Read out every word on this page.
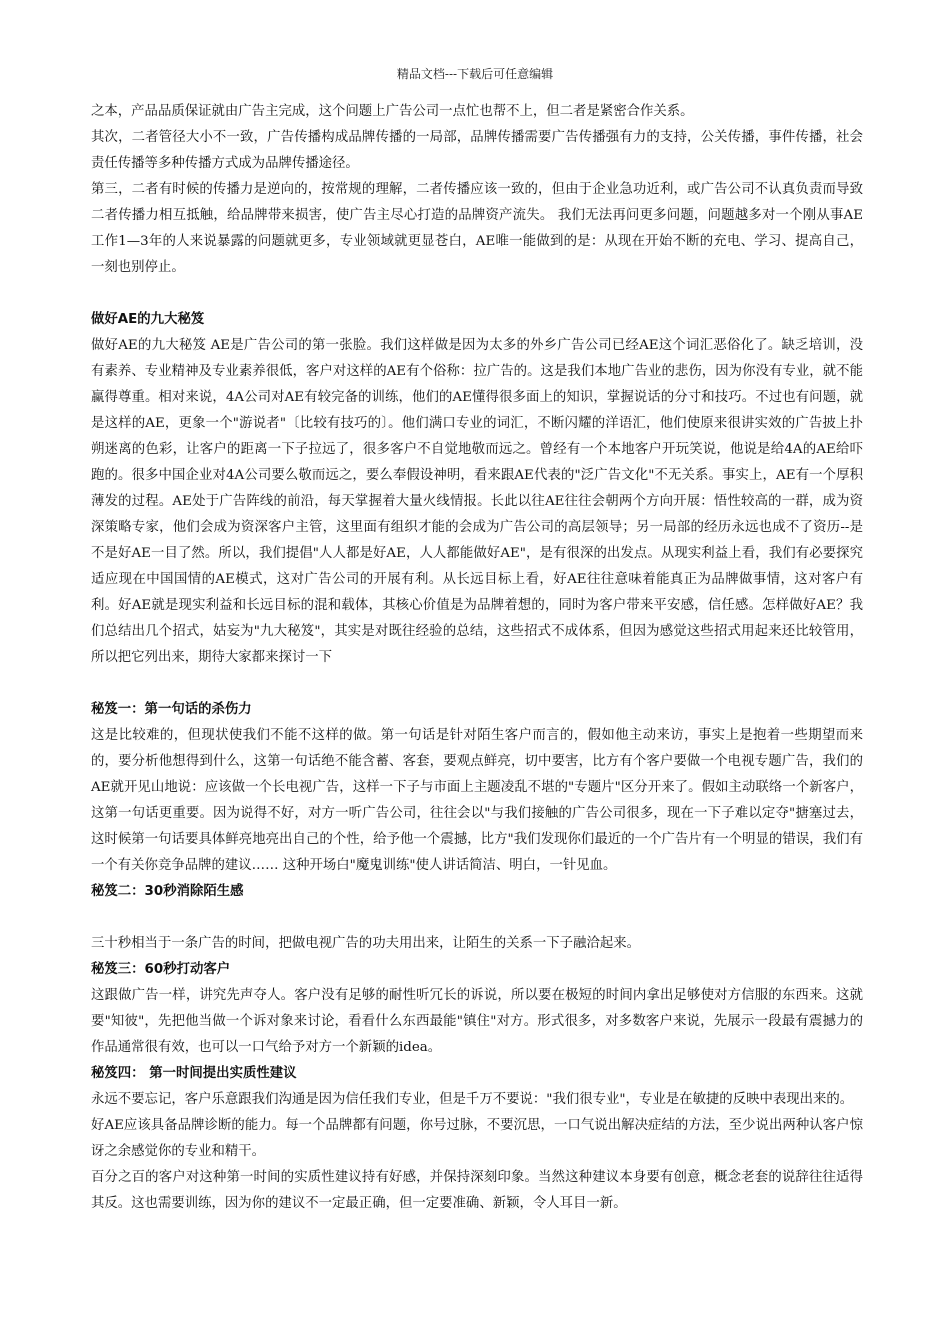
精品文档---下载后可任意编辑

之本，产品品质保证就由广告主完成，这个问题上广告公司一点忙也帮不上，但二者是紧密合作关系。

其次，二者管径大小不一致，广告传播构成品牌传播的一局部，品牌传播需要广告传播强有力的支持，公关传播，事件传播，社会责任传播等多种传播方式成为品牌传播途径。

第三，二者有时候的传播力是逆向的，按常规的理解，二者传播应该一致的，但由于企业急功近利，或广告公司不认真负责而导致二者传播力相互抵触，给品牌带来损害，使广告主尽心打造的品牌资产流失。 我们无法再问更多问题，问题越多对一个刚从事AE工作1—3年的人来说暴露的问题就更多，专业领域就更显苍白，AE唯一能做到的是：从现在开始不断的充电、学习、提高自己，一刻也别停止。

做好AE的九大秘笈

做好AE的九大秘笈 AE是广告公司的第一张脸。我们这样做是因为太多的外乡广告公司已经AE这个词汇恶俗化了。缺乏培训，没有素养、专业精神及专业素养很低，客户对这样的AE有个俗称：拉广告的。这是我们本地广告业的悲伤，因为你没有专业，就不能赢得尊重。相对来说，4A公司对AE有较完备的训练，他们的AE懂得很多面上的知识，掌握说话的分寸和技巧。不过也有问题，就是这样的AE，更象一个"游说者"〔比较有技巧的〕。他们满口专业的词汇，不断闪耀的洋语汇，他们使原来很讲实效的广告披上扑朔迷离的色彩，让客户的距离一下子拉远了，很多客户不自觉地敬而远之。曾经有一个本地客户开玩笑说，他说是给4A的AE给吓跑的。很多中国企业对4A公司要么敬而远之，要么奉假设神明，看来跟AE代表的"泛广告文化"不无关系。事实上，AE有一个厚积薄发的过程。AE处于广告阵线的前沿，每天掌握着大量火线情报。长此以往AE往往会朝两个方向开展：悟性较高的一群，成为资深策略专家，他们会成为资深客户主管，这里面有组织才能的会成为广告公司的高层领导；另一局部的经历永远也成不了资历--是不是好AE一目了然。所以，我们提倡"人人都是好AE，人人都能做好AE"，是有很深的出发点。从现实利益上看，我们有必要探究适应现在中国国情的AE模式，这对广告公司的开展有利。从长远目标上看，好AE往往意味着能真正为品牌做事情，这对客户有利。好AE就是现实利益和长远目标的混和载体，其核心价值是为品牌着想的，同时为客户带来平安感，信任感。怎样做好AE？我们总结出几个招式，姑妄为"九大秘笈"，其实是对既往经验的总结，这些招式不成体系，但因为感觉这些招式用起来还比较管用，所以把它列出来，期待大家都来探讨一下

秘笈一：第一句话的杀伤力

这是比较难的，但现状使我们不能不这样的做。第一句话是针对陌生客户而言的，假如他主动来访，事实上是抱着一些期望而来的，要分析他想得到什么，这第一句话绝不能含蓄、客套，要观点鲜亮，切中要害，比方有个客户要做一个电视专题广告，我们的AE就开见山地说：应该做一个长电视广告，这样一下子与市面上主题凌乱不堪的"专题片"区分开来了。假如主动联络一个新客户，这第一句话更重要。因为说得不好，对方一听广告公司，往往会以"与我们接触的广告公司很多，现在一下子难以定夺"搪塞过去，这时候第一句话要具体鲜亮地亮出自己的个性，给予他一个震撼，比方"我们发现你们最近的一个广告片有一个明显的错误，我们有一个有关你竞争品牌的建议…… 这种开场白"魔鬼训练"使人讲话简洁、明白，一针见血。

秘笈二：30秒消除陌生感

三十秒相当于一条广告的时间，把做电视广告的功夫用出来，让陌生的关系一下子融洽起来。

秘笈三：60秒打动客户

这跟做广告一样，讲究先声夺人。客户没有足够的耐性听冗长的诉说，所以要在极短的时间内拿出足够使对方信服的东西来。这就要"知彼"，先把他当做一个诉对象来讨论，看看什么东西最能"镇住"对方。形式很多，对多数客户来说，先展示一段最有震撼力的作品通常很有效，也可以一口气给予对方一个新颖的idea。

秘笈四： 第一时间提出实质性建议

永远不要忘记，客户乐意跟我们沟通是因为信任我们专业，但是千万不要说："我们很专业"，专业是在敏捷的反映中表现出来的。

好AE应该具备品牌诊断的能力。每一个品牌都有问题，你号过脉，不要沉思，一口气说出解决症结的方法，至少说出两种认客户惊讶之余感觉你的专业和精干。

百分之百的客户对这种第一时间的实质性建议持有好感，并保持深刻印象。当然这种建议本身要有创意，概念老套的说辞往往适得其反。这也需要训练，因为你的建议不一定最正确，但一定要准确、新颖，令人耳目一新。
